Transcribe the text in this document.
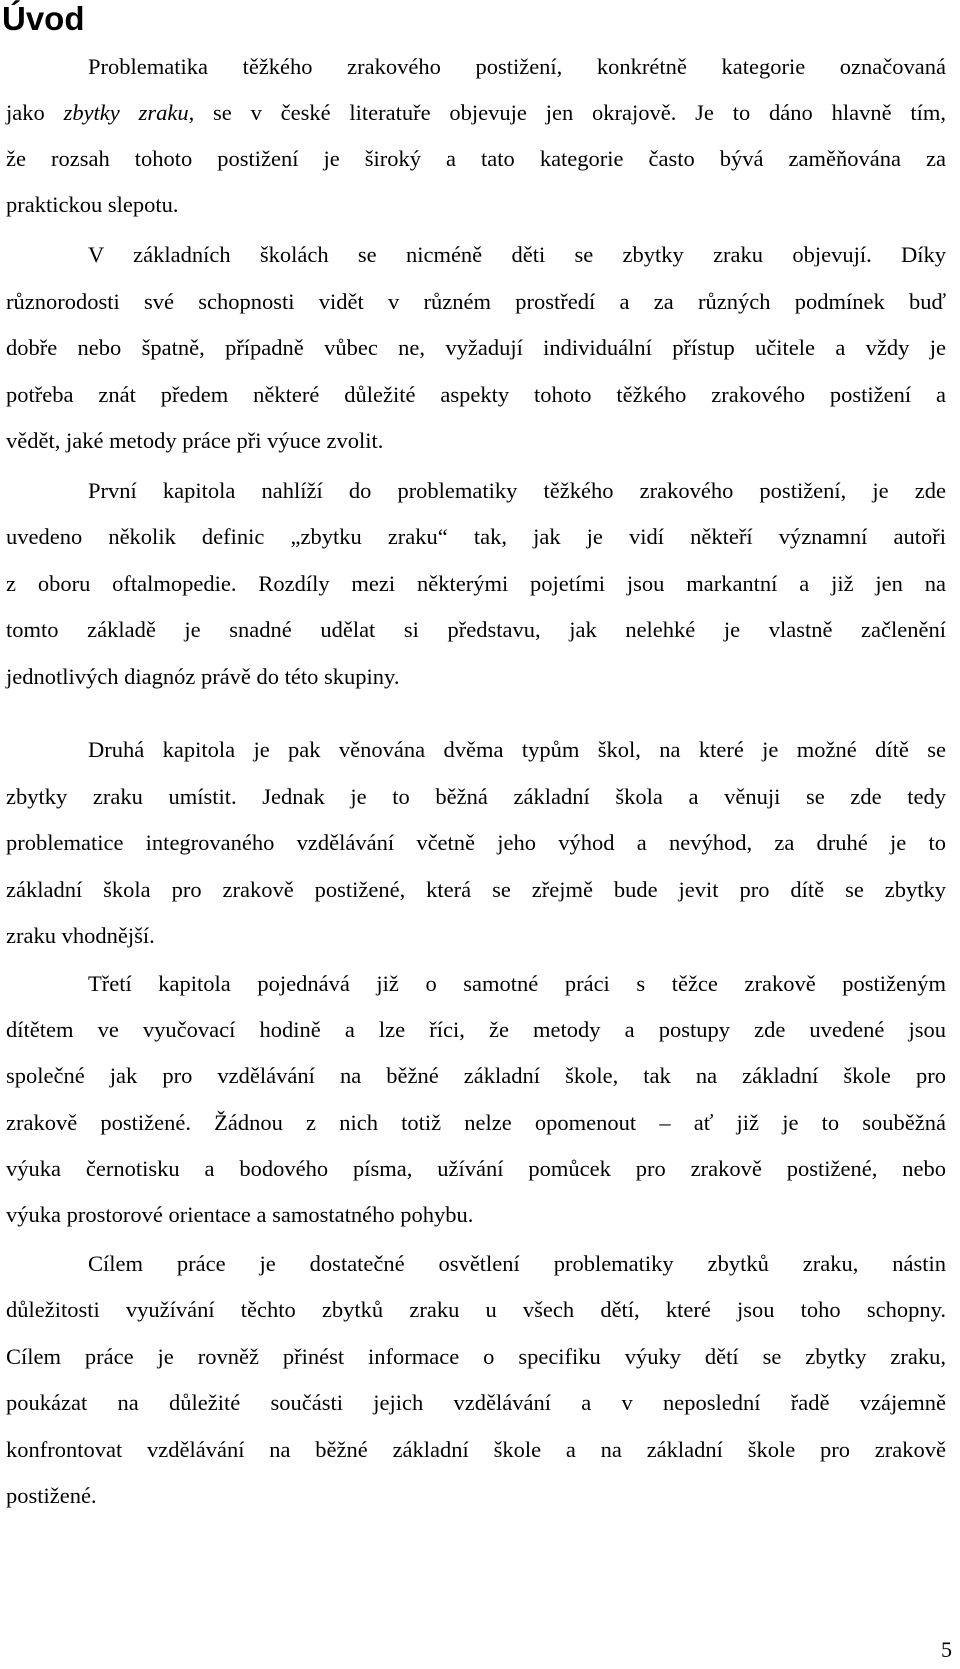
Úvod
Problematika těžkého zrakového postižení, konkrétně kategorie označovaná
jako zbytky zraku, se v české literatuře objevuje jen okrajově. Je to dáno hlavně tím,
že rozsah tohoto postižení je široký a tato kategorie často bývá zaměňována za
praktickou slepotu.
V základních školách se nicméně děti se zbytky zraku objevují. Díky
různorodosti své schopnosti vidět v různém prostředí a za různých podmínek buď
dobře nebo špatně, případně vůbec ne, vyžadují individuální přístup učitele a vždy je
potřeba znát předem některé důležité aspekty tohoto těžkého zrakového postižení a
vědět, jaké metody práce při výuce zvolit.
První kapitola nahlíží do problematiky těžkého zrakového postižení, je zde
uvedeno několik definic „zbytku zraku“ tak, jak je vidí někteří významní autoři
z oboru oftalmopedie. Rozdíly mezi některými pojetími jsou markantní a již jen na
tomto základě je snadné udělat si představu, jak nelehké je vlastně začlenění
jednotlivých diagnóz právě do této skupiny.
Druhá kapitola je pak věnována dvěma typům škol, na které je možné dítě se
zbytky zraku umístit. Jednak je to běžná základní škola a věnuji se zde tedy
problematice integrovaného vzdělávání včetně jeho výhod a nevýhod, za druhé je to
základní škola pro zrakově postižené, která se zřejmě bude jevit pro dítě se zbytky
zraku vhodnější.
Třetí kapitola pojednává již o samotné práci s těžce zrakově postiženým
dítětem ve vyučovací hodině a lze říci, že metody a postupy zde uvedené jsou
společné jak pro vzdělávání na běžné základní škole, tak na základní škole pro
zrakově postižené. Žádnou z nich totiž nelze opomenout – ať již je to souběžná
výuka černotisku a bodového písma, užívání pomůcek pro zrakově postižené, nebo
výuka prostorové orientace a samostatného pohybu.
Cílem práce je dostatečné osvětlení problematiky zbytků zraku, nástin
důležitosti využívání těchto zbytků zraku u všech dětí, které jsou toho schopny.
Cílem práce je rovněž přinést informace o specifiku výuky dětí se zbytky zraku,
poukázat na důležité součásti jejich vzdělávání a v neposlední řadě vzájemně
konfrontovat vzdělávání na běžné základní škole a na základní škole pro zrakově
postižené.
5
